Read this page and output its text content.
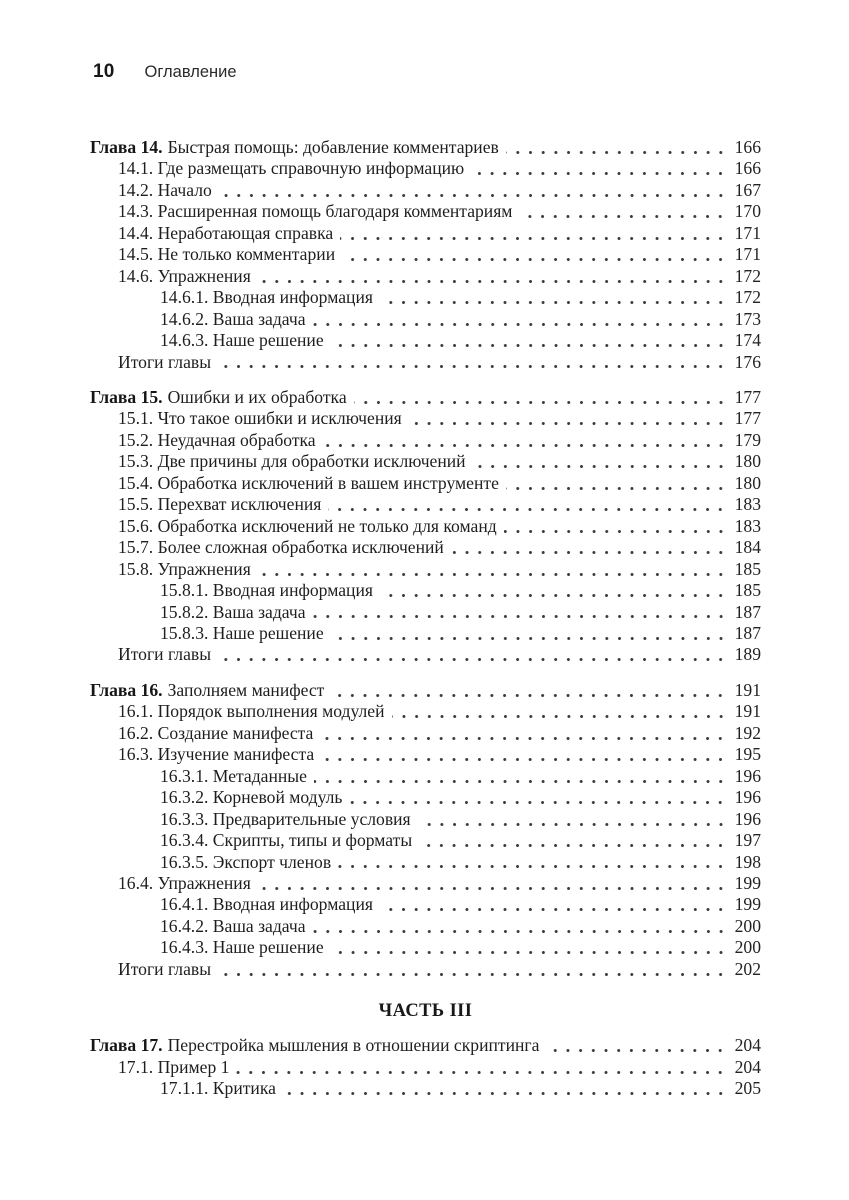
10 Оглавление
Глава 14. Быстрая помощь: добавление комментариев	166
14.1. Где размещать справочную информацию	166
14.2. Начало	167
14.3. Расширенная помощь благодаря комментариям	170
14.4. Неработающая справка	171
14.5. Не только комментарии	171
14.6. Упражнения	172
14.6.1. Вводная информация	172
14.6.2. Ваша задача	173
14.6.3. Наше решение	174
Итоги главы	176
Глава 15. Ошибки и их обработка	177
15.1. Что такое ошибки и исключения	177
15.2. Неудачная обработка	179
15.3. Две причины для обработки исключений	180
15.4. Обработка исключений в вашем инструменте	180
15.5. Перехват исключения	183
15.6. Обработка исключений не только для команд	183
15.7. Более сложная обработка исключений	184
15.8. Упражнения	185
15.8.1. Вводная информация	185
15.8.2. Ваша задача	187
15.8.3. Наше решение	187
Итоги главы	189
Глава 16. Заполняем манифест	191
16.1. Порядок выполнения модулей	191
16.2. Создание манифеста	192
16.3. Изучение манифеста	195
16.3.1. Метаданные	196
16.3.2. Корневой модуль	196
16.3.3. Предварительные условия	196
16.3.4. Скрипты, типы и форматы	197
16.3.5. Экспорт членов	198
16.4. Упражнения	199
16.4.1. Вводная информация	199
16.4.2. Ваша задача	200
16.4.3. Наше решение	200
Итоги главы	202
ЧАСТЬ III
Глава 17. Перестройка мышления в отношении скриптинга	204
17.1. Пример 1	204
17.1.1. Критика	205
